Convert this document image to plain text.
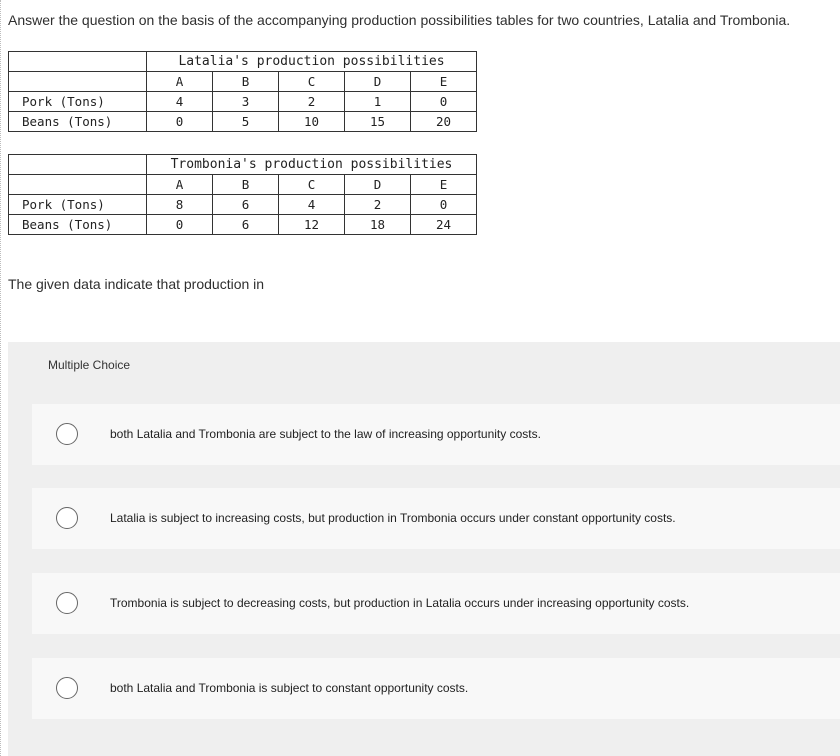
Answer the question on the basis of the accompanying production possibilities tables for two countries, Latalia and Trombonia.
	Latalia's production possibilities				
	A	B	C	D	E
Pork (Tons)	4	3	2	1	0
Beans (Tons)	0	5	10	15	20
	Trombonia's production possibilities				
	A	B	C	D	E
Pork (Tons)	8	6	4	2	0
Beans (Tons)	0	6	12	18	24
The given data indicate that production in
Multiple Choice
both Latalia and Trombonia are subject to the law of increasing opportunity costs.
Latalia is subject to increasing costs, but production in Trombonia occurs under constant opportunity costs.
Trombonia is subject to decreasing costs, but production in Latalia occurs under increasing opportunity costs.
both Latalia and Trombonia is subject to constant opportunity costs.
